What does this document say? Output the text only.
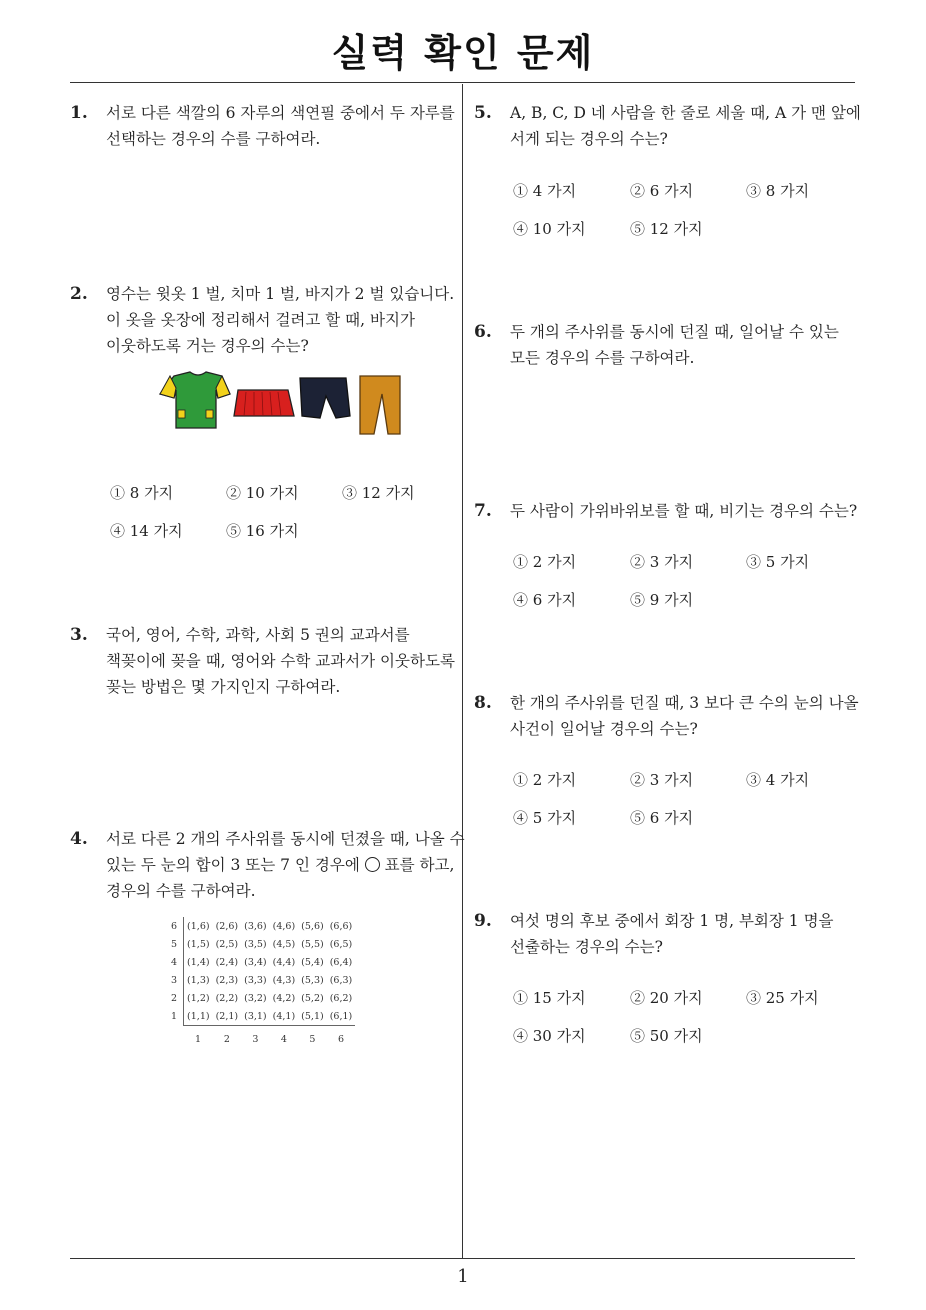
실력 확인 문제
1
1. 서로 다른 색깔의 6 자루의 색연필 중에서 두 자루를
선택하는 경우의 수를 구하여라.
2. 영수는 윗옷 1 벌, 치마 1 벌, 바지가 2 벌 있습니다.
이 옷을 옷장에 정리해서 걸려고 할 때, 바지가
이웃하도록 거는 경우의 수는?
① 8 가지	② 10 가지	③ 12 가지
④ 14 가지	⑤ 16 가지
3. 국어, 영어, 수학, 과학, 사회 5 권의 교과서를
책꽂이에 꽂을 때, 영어와 수학 교과서가 이웃하도록
꽂는 방법은 몇 가지인지 구하여라.
4. 서로 다른 2 개의 주사위를 동시에 던졌을 때, 나올 수
있는 두 눈의 합이 3 또는 7 인 경우에 ○ 표를 하고,
경우의 수를 구하여라.
6	(1,6)	(2,6)	(3,6)	(4,6)	(5,6)	(6,6)
5	(1,5)	(2,5)	(3,5)	(4,5)	(5,5)	(6,5)
4	(1,4)	(2,4)	(3,4)	(4,4)	(5,4)	(6,4)
3	(1,3)	(2,3)	(3,3)	(4,3)	(5,3)	(6,3)
2	(1,2)	(2,2)	(3,2)	(4,2)	(5,2)	(6,2)
1	(1,1)	(2,1)	(3,1)	(4,1)	(5,1)	(6,1)
	1	2	3	4	5	6
5. A, B, C, D 네 사람을 한 줄로 세울 때, A 가 맨 앞에
서게 되는 경우의 수는?
① 4 가지	② 6 가지	③ 8 가지
④ 10 가지	⑤ 12 가지
6. 두 개의 주사위를 동시에 던질 때, 일어날 수 있는
모든 경우의 수를 구하여라.
7. 두 사람이 가위바위보를 할 때, 비기는 경우의 수는?
① 2 가지	② 3 가지	③ 5 가지
④ 6 가지	⑤ 9 가지
8. 한 개의 주사위를 던질 때, 3 보다 큰 수의 눈의 나올
사건이 일어날 경우의 수는?
① 2 가지	② 3 가지	③ 4 가지
④ 5 가지	⑤ 6 가지
9. 여섯 명의 후보 중에서 회장 1 명, 부회장 1 명을
선출하는 경우의 수는?
① 15 가지	② 20 가지	③ 25 가지
④ 30 가지	⑤ 50 가지
